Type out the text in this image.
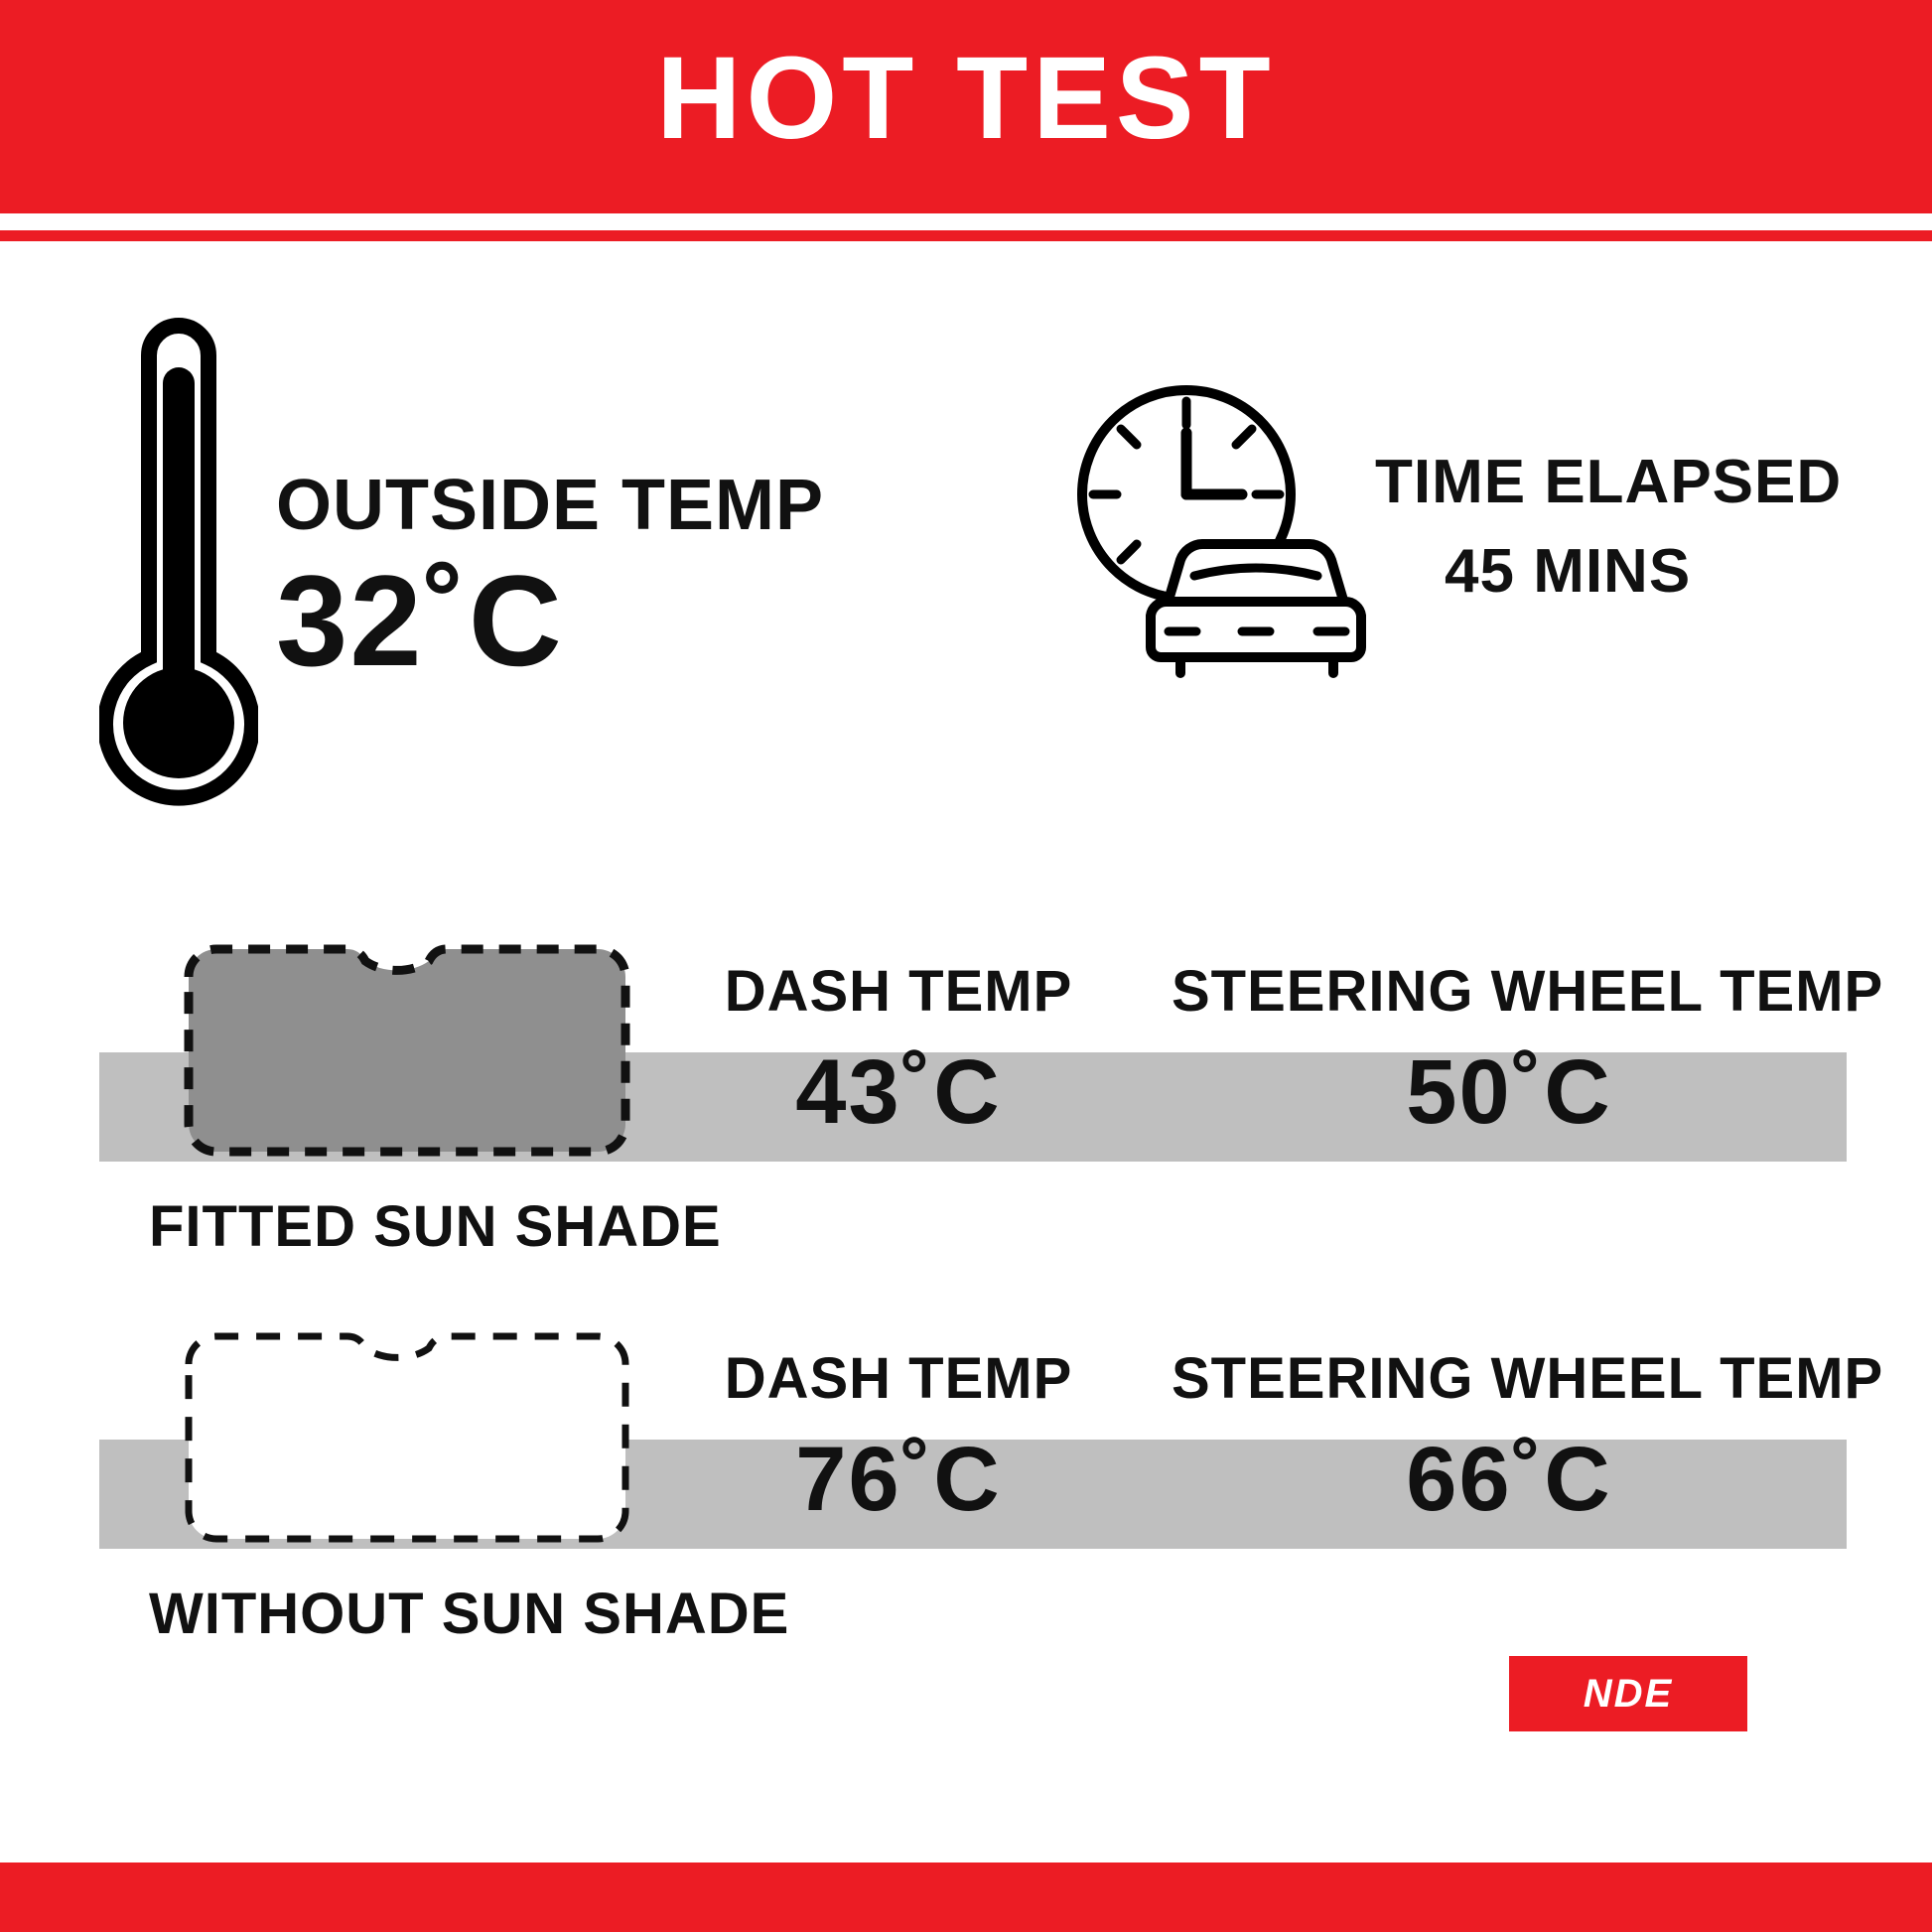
HOT TEST
OUTSIDE TEMP
32˚C
TIME ELAPSED
45 MINS
FITTED SUN SHADE
DASH TEMP
43˚C
STEERING WHEEL TEMP
50˚C
WITHOUT SUN SHADE
DASH TEMP
76˚C
STEERING WHEEL TEMP
66˚C
NDE
